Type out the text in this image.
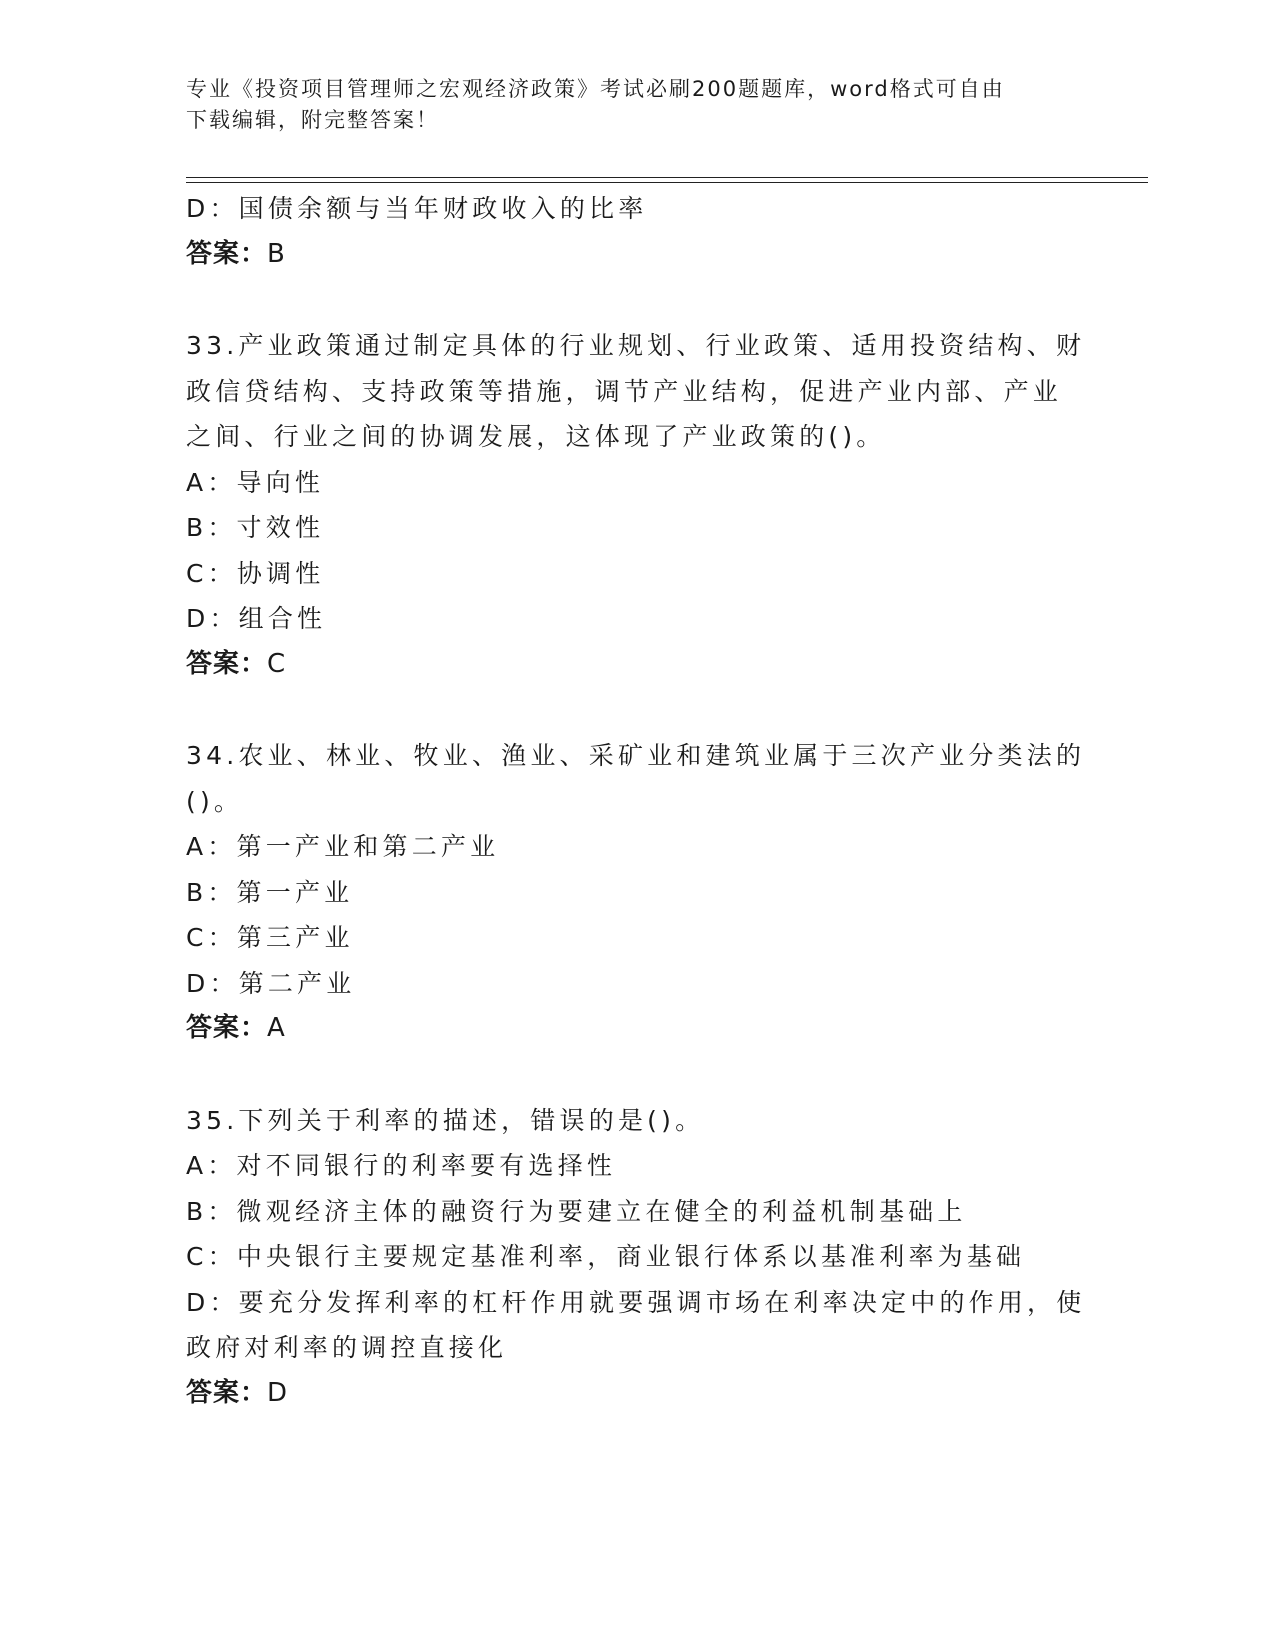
专业《投资项目管理师之宏观经济政策》考试必刷200题题库，word格式可自由
下载编辑，附完整答案！
D：国债余额与当年财政收入的比率
答案：B
33.产业政策通过制定具体的行业规划、行业政策、适用投资结构、财
政信贷结构、支持政策等措施，调节产业结构，促进产业内部、产业
之间、行业之间的协调发展，这体现了产业政策的()。
A：导向性
B：寸效性
C：协调性
D：组合性
答案：C
34.农业、林业、牧业、渔业、采矿业和建筑业属于三次产业分类法的
()。
A：第一产业和第二产业
B：第一产业
C：第三产业
D：第二产业
答案：A
35.下列关于利率的描述，错误的是()。
A：对不同银行的利率要有选择性
B：微观经济主体的融资行为要建立在健全的利益机制基础上
C：中央银行主要规定基准利率，商业银行体系以基准利率为基础
D：要充分发挥利率的杠杆作用就要强调市场在利率决定中的作用，使
政府对利率的调控直接化
答案：D
